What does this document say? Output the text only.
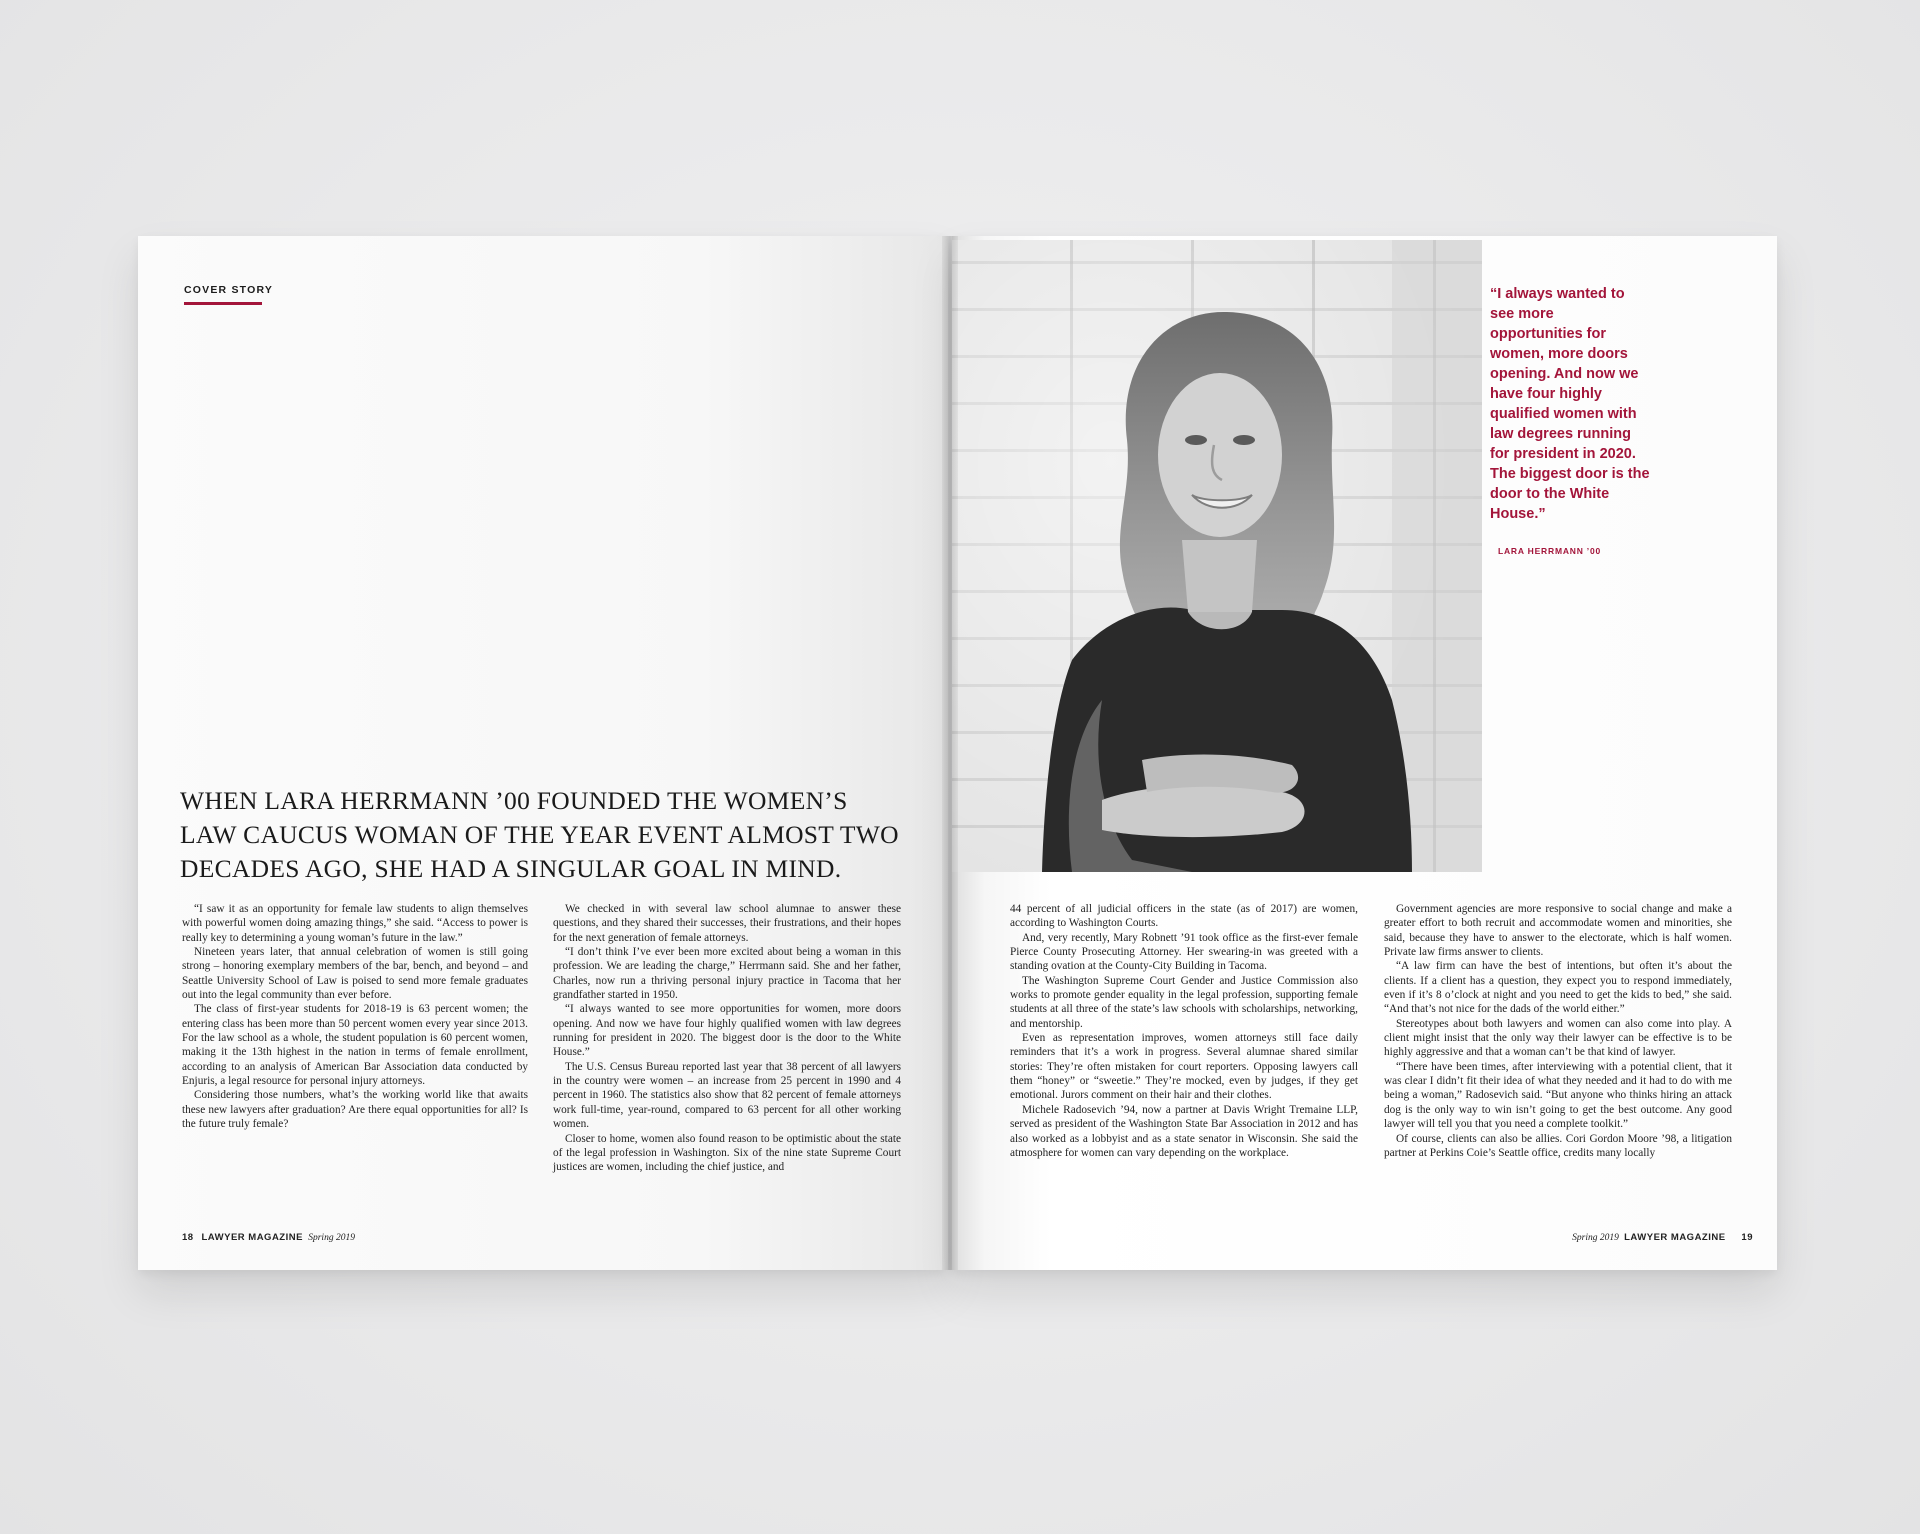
COVER STORY
WHEN LARA HERRMANN ’00 FOUNDED THE WOMEN’S LAW CAUCUS WOMAN OF THE YEAR EVENT ALMOST TWO DECADES AGO, SHE HAD A SINGULAR GOAL IN MIND.

“I saw it as an opportunity for female law students to align themselves with powerful women doing amazing things,” she said. “Access to power is really key to determining a young woman’s future in the law.”

Nineteen years later, that annual celebration of women is still going strong – honoring exemplary members of the bar, bench, and beyond – and Seattle University School of Law is poised to send more female graduates out into the legal community than ever before.

The class of first-year students for 2018-19 is 63 percent women; the entering class has been more than 50 percent women every year since 2013. For the law school as a whole, the student population is 60 percent women, making it the 13th highest in the nation in terms of female enrollment, according to an analysis of American Bar Association data conducted by Enjuris, a legal resource for personal injury attorneys.

Considering those numbers, what’s the working world like that awaits these new lawyers after graduation? Are there equal opportunities for all? Is the future truly female?

We checked in with several law school alumnae to answer these questions, and they shared their successes, their frustrations, and their hopes for the next generation of female attorneys.

“I don’t think I’ve ever been more excited about being a woman in this profession. We are leading the charge,” Herrmann said. She and her father, Charles, now run a thriving personal injury practice in Tacoma that her grandfather started in 1950.

“I always wanted to see more opportunities for women, more doors opening. And now we have four highly qualified women with law degrees running for president in 2020. The biggest door is the door to the White House.”

The U.S. Census Bureau reported last year that 38 percent of all lawyers in the country were women – an increase from 25 percent in 1990 and 4 percent in 1960. The statistics also show that 82 percent of female attorneys work full-time, year-round, compared to 63 percent for all other working women.

Closer to home, women also found reason to be optimistic about the state of the legal profession in Washington. Six of the nine state Supreme Court justices are women, including the chief justice, and

18 LAWYER MAGAZINE Spring 2019

“I always wanted to see more opportunities for women, more doors opening. And now we have four highly qualified women with law degrees running for president in 2020. The biggest door is the door to the White House.”

LARA HERRMANN ’00

44 percent of all judicial officers in the state (as of 2017) are women, according to Washington Courts.

And, very recently, Mary Robnett ’91 took office as the first-ever female Pierce County Prosecuting Attorney. Her swearing-in was greeted with a standing ovation at the County-City Building in Tacoma.

The Washington Supreme Court Gender and Justice Commission also works to promote gender equality in the legal profession, supporting female students at all three of the state’s law schools with scholarships, networking, and mentorship.

Even as representation improves, women attorneys still face daily reminders that it’s a work in progress. Several alumnae shared similar stories: They’re often mistaken for court reporters. Opposing lawyers call them “honey” or “sweetie.” They’re mocked, even by judges, if they get emotional. Jurors comment on their hair and their clothes.

Michele Radosevich ’94, now a partner at Davis Wright Tremaine LLP, served as president of the Washington State Bar Association in 2012 and has also worked as a lobbyist and as a state senator in Wisconsin. She said the atmosphere for women can vary depending on the workplace.

Government agencies are more responsive to social change and make a greater effort to both recruit and accommodate women and minorities, she said, because they have to answer to the electorate, which is half women. Private law firms answer to clients.

“A law firm can have the best of intentions, but often it’s about the clients. If a client has a question, they expect you to respond immediately, even if it’s 8 o’clock at night and you need to get the kids to bed,” she said. “And that’s not nice for the dads of the world either.”

Stereotypes about both lawyers and women can also come into play. A client might insist that the only way their lawyer can be effective is to be highly aggressive and that a woman can’t be that kind of lawyer.

“There have been times, after interviewing with a potential client, that it was clear I didn’t fit their idea of what they needed and it had to do with me being a woman,” Radosevich said. “But anyone who thinks hiring an attack dog is the only way to win isn’t going to get the best outcome. Any good lawyer will tell you that you need a complete toolkit.”

Of course, clients can also be allies. Cori Gordon Moore ’98, a litigation partner at Perkins Coie’s Seattle office, credits many locally

Spring 2019 LAWYER MAGAZINE 19
